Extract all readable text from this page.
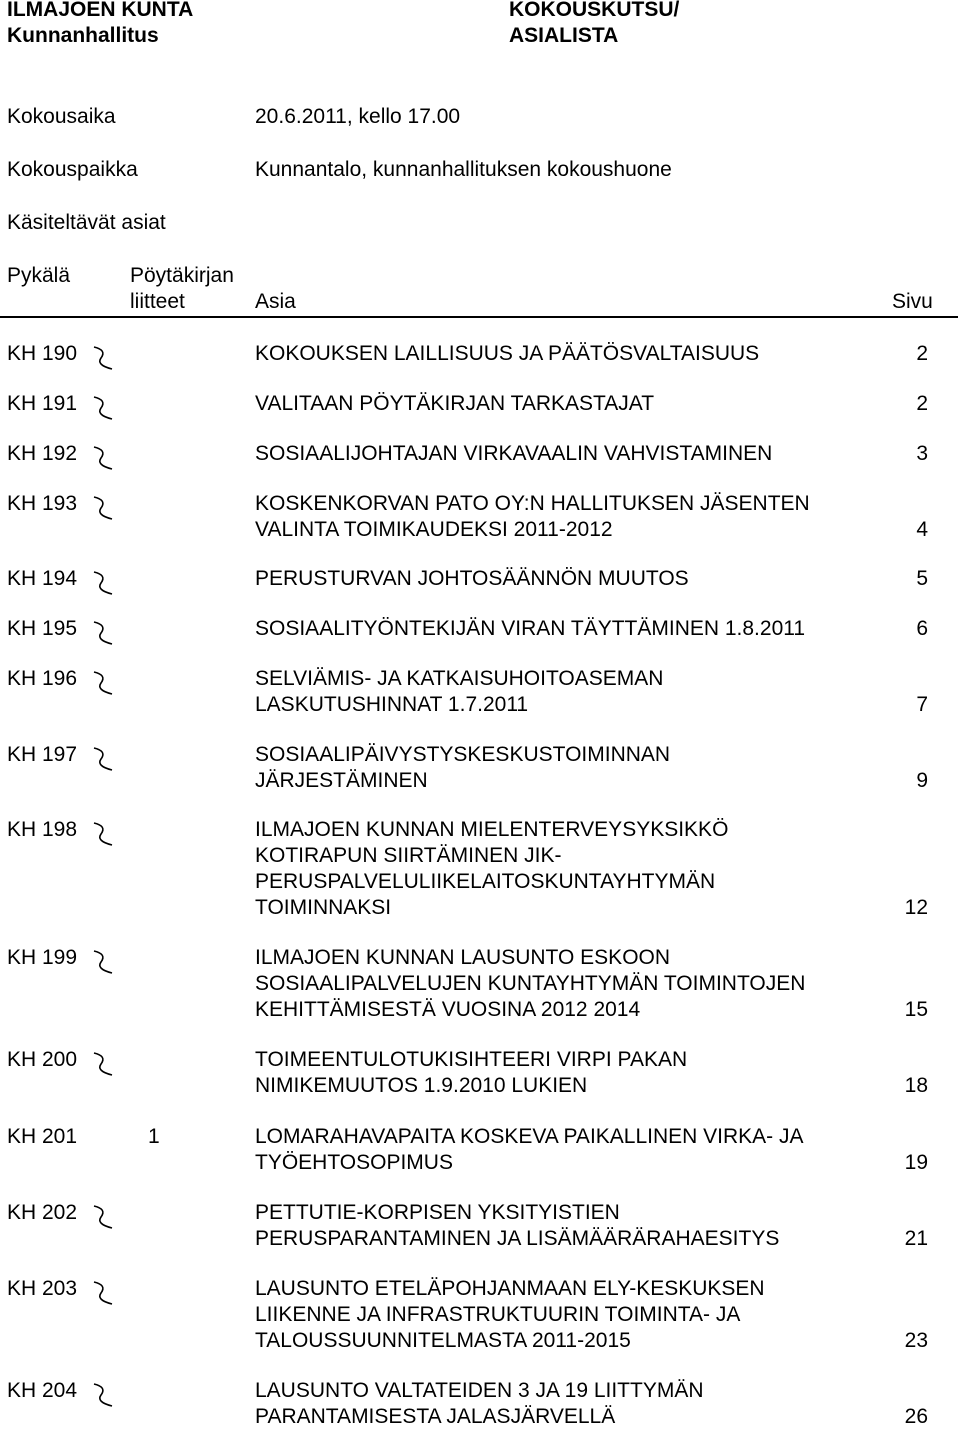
ILMAJOEN KUNTA
Kunnanhallitus
KOKOUSKUTSU/
ASIALISTA
Kokousaika	20.6.2011, kello 17.00
Kokouspaikka	Kunnantalo, kunnanhallituksen kokoushuone
Käsiteltävät asiat
Pykälä	Pöytäkirjan
liitteet	Asia	Sivu
KH 190	KOKOUKSEN LAILLISUUS JA PÄÄTÖSVALTAISUUS	2
KH 191	VALITAAN PÖYTÄKIRJAN TARKASTAJAT	2
KH 192	SOSIAALIJOHTAJAN VIRKAVAALIN VAHVISTAMINEN	3
KH 193	KOSKENKORVAN PATO OY:N HALLITUKSEN JÄSENTEN
VALINTA TOIMIKAUDEKSI 2011-2012	4
KH 194	PERUSTURVAN JOHTOSÄÄNNÖN MUUTOS	5
KH 195	SOSIAALITYÖNTEKIJÄN VIRAN TÄYTTÄMINEN 1.8.2011	6
KH 196	SELVIÄMIS- JA KATKAISUHOITOASEMAN
LASKUTUSHINNAT 1.7.2011	7
KH 197	SOSIAALIPÄIVYSTYSKESKUSTOIMINNAN
JÄRJESTÄMINEN	9
KH 198	ILMAJOEN KUNNAN MIELENTERVEYSYKSIKKÖ
KOTIRAPUN SIIRTÄMINEN JIK-
PERUSPALVELULIIKELAITOSKUNTAYHTYMÄN
TOIMINNAKSI	12
KH 199	ILMAJOEN KUNNAN LAUSUNTO ESKOON
SOSIAALIPALVELUJEN KUNTAYHTYMÄN TOIMINTOJEN
KEHITTÄMISESTÄ VUOSINA 2012 2014	15
KH 200	TOIMEENTULOTUKISIHTEERI VIRPI PAKAN
NIMIKEMUUTOS 1.9.2010 LUKIEN	18
KH 201	1	LOMARAHAVAPAITA KOSKEVA PAIKALLINEN VIRKA- JA
TYÖEHTOSOPIMUS	19
KH 202	PETTUTIE-KORPISEN YKSITYISTIEN
PERUSPARANTAMINEN JA LISÄMÄÄRÄRAHAESITYS	21
KH 203	LAUSUNTO ETELÄPOHJANMAAN ELY-KESKUKSEN
LIIKENNE JA INFRASTRUKTUURIN TOIMINTA- JA
TALOUSSUUNNITELMASTA 2011-2015	23
KH 204	LAUSUNTO VALTATEIDEN 3 JA 19 LIITTYMÄN
PARANTAMISESTA JALASJÄRVELLÄ	26
